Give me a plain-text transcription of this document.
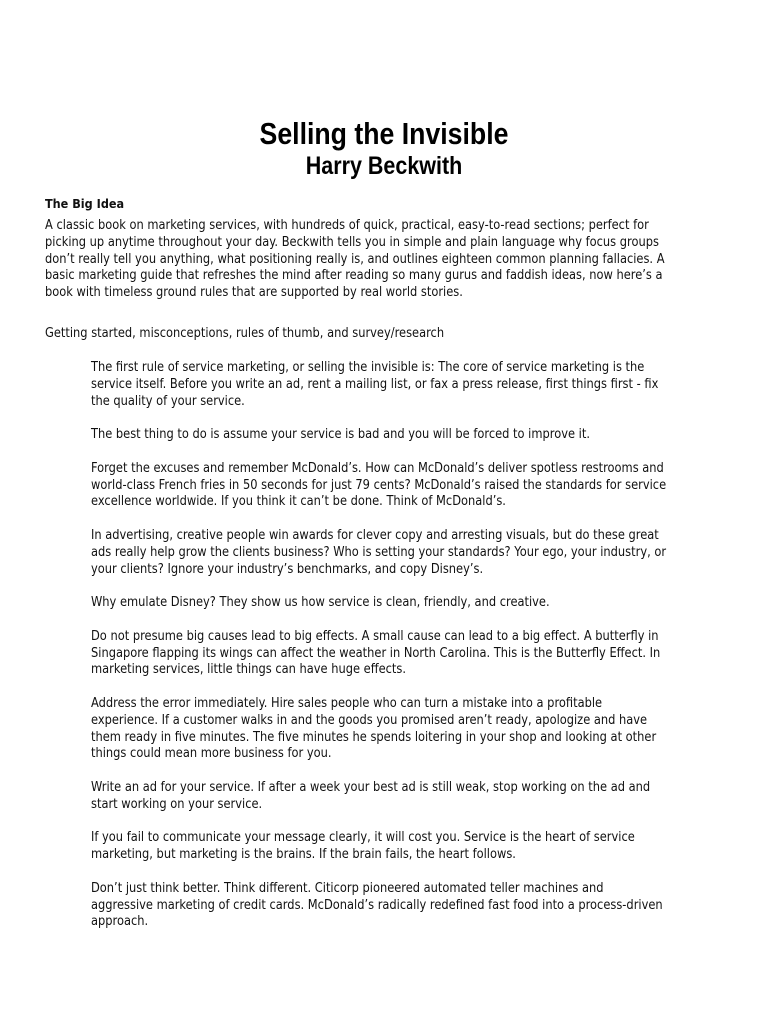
Selling the Invisible
Harry Beckwith
The Big Idea
A classic book on marketing services, with hundreds of quick, practical, easy-to-read sections; perfect for
picking up anytime throughout your day. Beckwith tells you in simple and plain language why focus groups
don’t really tell you anything, what positioning really is, and outlines eighteen common planning fallacies. A
basic marketing guide that refreshes the mind after reading so many gurus and faddish ideas, now here’s a
book with timeless ground rules that are supported by real world stories.
Getting started, misconceptions, rules of thumb, and survey/research
The first rule of service marketing, or selling the invisible is: The core of service marketing is the
service itself. Before you write an ad, rent a mailing list, or fax a press release, first things first - fix
the quality of your service.
The best thing to do is assume your service is bad and you will be forced to improve it.
Forget the excuses and remember McDonald’s. How can McDonald’s deliver spotless restrooms and
world-class French fries in 50 seconds for just 79 cents? McDonald’s raised the standards for service
excellence worldwide. If you think it can’t be done. Think of McDonald’s.
In advertising, creative people win awards for clever copy and arresting visuals, but do these great
ads really help grow the clients business? Who is setting your standards? Your ego, your industry, or
your clients? Ignore your industry’s benchmarks, and copy Disney’s.
Why emulate Disney? They show us how service is clean, friendly, and creative.
Do not presume big causes lead to big effects. A small cause can lead to a big effect. A butterfly in
Singapore flapping its wings can affect the weather in North Carolina. This is the Butterfly Effect. In
marketing services, little things can have huge effects.
Address the error immediately. Hire sales people who can turn a mistake into a profitable
experience. If a customer walks in and the goods you promised aren’t ready, apologize and have
them ready in five minutes. The five minutes he spends loitering in your shop and looking at other
things could mean more business for you.
Write an ad for your service. If after a week your best ad is still weak, stop working on the ad and
start working on your service.
If you fail to communicate your message clearly, it will cost you. Service is the heart of service
marketing, but marketing is the brains. If the brain fails, the heart follows.
Don’t just think better. Think different. Citicorp pioneered automated teller machines and
aggressive marketing of credit cards. McDonald’s radically redefined fast food into a process-driven
approach.
